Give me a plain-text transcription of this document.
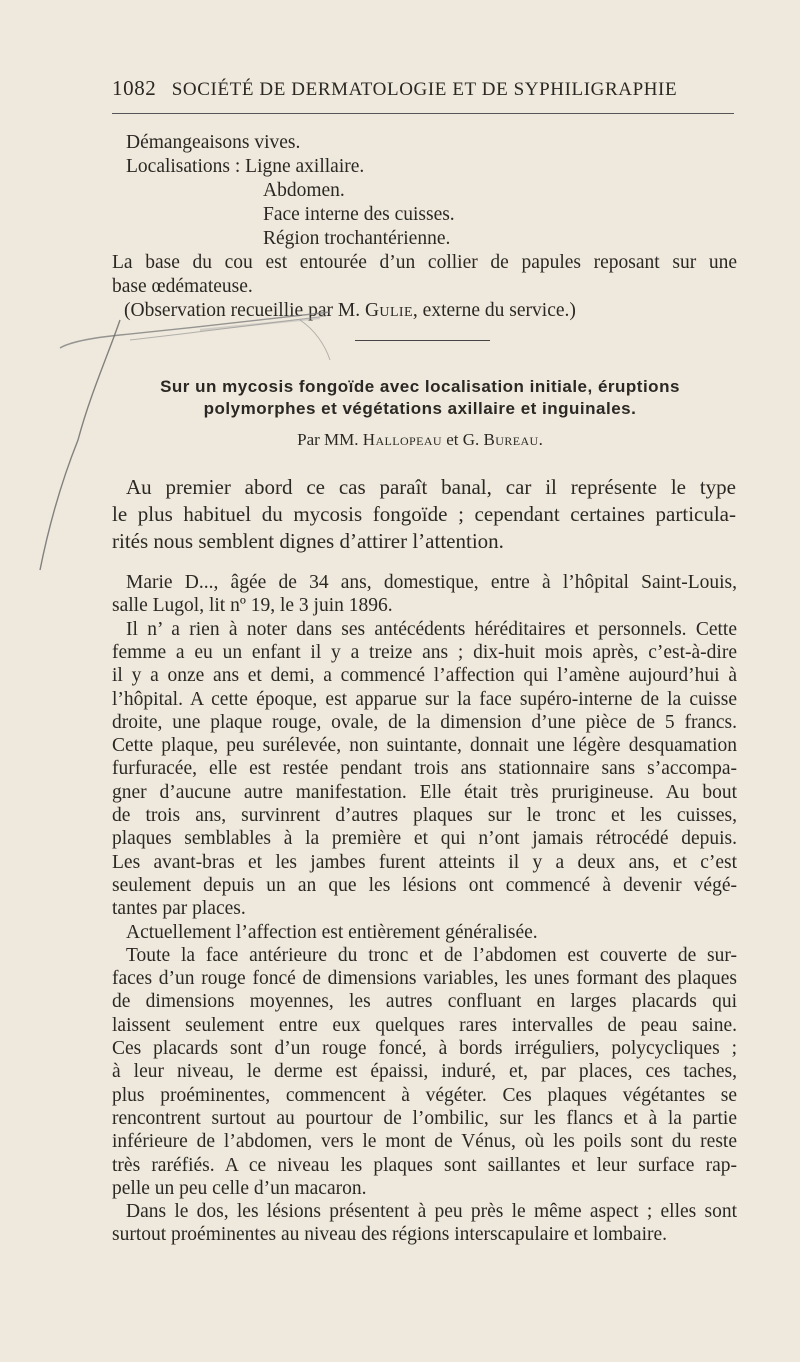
1082 SOCIÉTÉ DE DERMATOLOGIE ET DE SYPHILIGRAPHIE
Démangeaisons vives.
Localisations : Ligne axillaire.
Abdomen.
Face interne des cuisses.
Région trochantérienne.
La base du cou est entourée d’un collier de papules reposant sur une
base œdémateuse.
(Observation recueillie par M. Gulie, externe du service.)
Sur un mycosis fongoïde avec localisation initiale, éruptions
polymorphes et végétations axillaire et inguinales.
Par MM. Hallopeau et G. Bureau.
Au premier abord ce cas paraît banal, car il représente le type
le plus habituel du mycosis fongoïde ; cependant certaines particula-
rités nous semblent dignes d’attirer l’attention.
Marie D..., âgée de 34 ans, domestique, entre à l’hôpital Saint-Louis,
salle Lugol, lit nº 19, le 3 juin 1896.
Il n’ a rien à noter dans ses antécédents héréditaires et personnels. Cette
femme a eu un enfant il y a treize ans ; dix-huit mois après, c’est-à-dire
il y a onze ans et demi, a commencé l’affection qui l’amène aujourd’hui à
l’hôpital. A cette époque, est apparue sur la face supéro-interne de la cuisse
droite, une plaque rouge, ovale, de la dimension d’une pièce de 5 francs.
Cette plaque, peu surélevée, non suintante, donnait une légère desquamation
furfuracée, elle est restée pendant trois ans stationnaire sans s’accompa-
gner d’aucune autre manifestation. Elle était très prurigineuse. Au bout
de trois ans, survinrent d’autres plaques sur le tronc et les cuisses,
plaques semblables à la première et qui n’ont jamais rétrocédé depuis.
Les avant-bras et les jambes furent atteints il y a deux ans, et c’est
seulement depuis un an que les lésions ont commencé à devenir végé-
tantes par places.
Actuellement l’affection est entièrement généralisée.
Toute la face antérieure du tronc et de l’abdomen est couverte de sur-
faces d’un rouge foncé de dimensions variables, les unes formant des plaques
de dimensions moyennes, les autres confluant en larges placards qui
laissent seulement entre eux quelques rares intervalles de peau saine.
Ces placards sont d’un rouge foncé, à bords irréguliers, polycycliques ;
à leur niveau, le derme est épaissi, induré, et, par places, ces taches,
plus proéminentes, commencent à végéter. Ces plaques végétantes se
rencontrent surtout au pourtour de l’ombilic, sur les flancs et à la partie
inférieure de l’abdomen, vers le mont de Vénus, où les poils sont du reste
très raréfiés. A ce niveau les plaques sont saillantes et leur surface rap-
pelle un peu celle d’un macaron.
Dans le dos, les lésions présentent à peu près le même aspect ; elles sont
surtout proéminentes au niveau des régions interscapulaire et lombaire.
